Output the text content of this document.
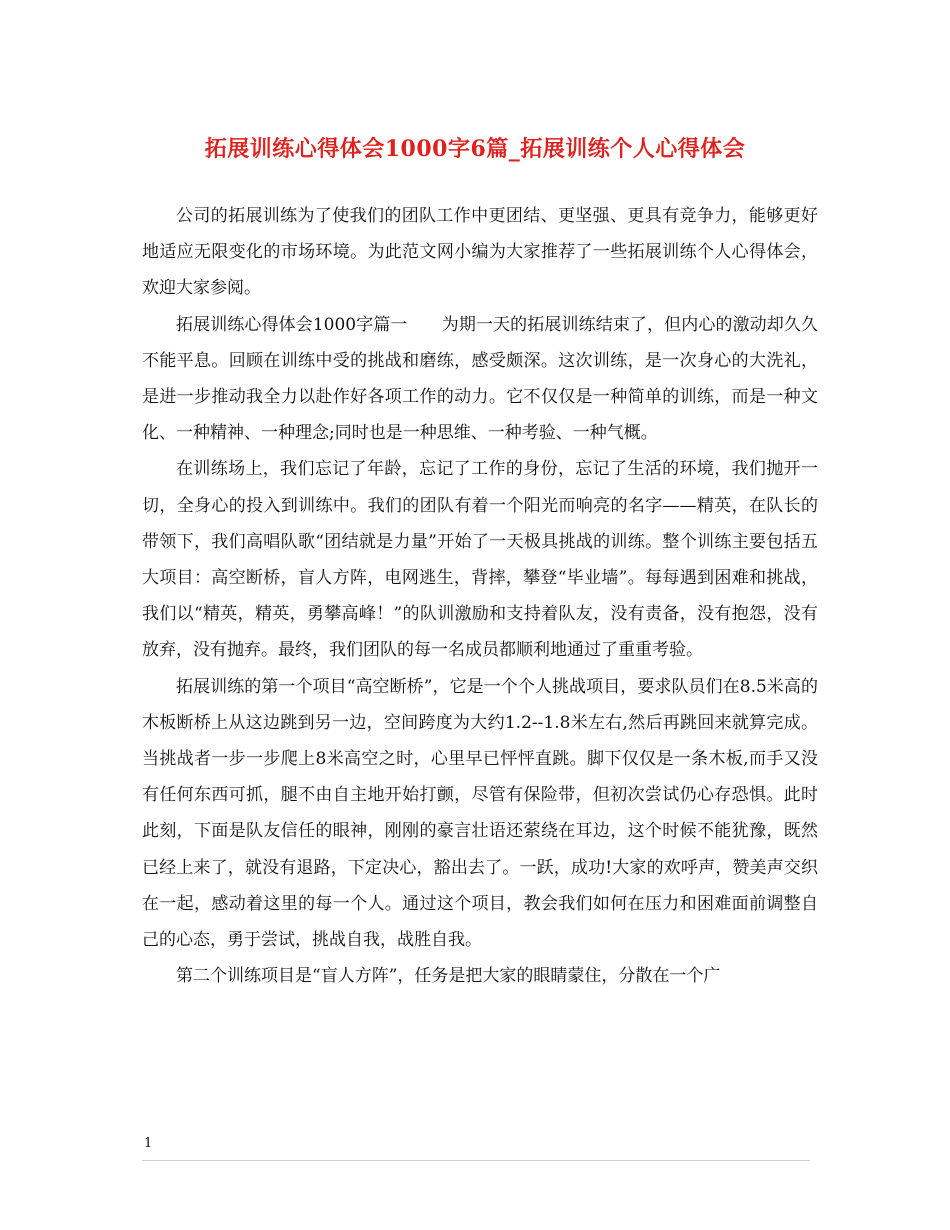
拓展训练心得体会1000字6篇_拓展训练个人心得体会

公司的拓展训练为了使我们的团队工作中更团结、更坚强、更具有竞争力，能够更好地适应无限变化的市场环境。为此范文网小编为大家推荐了一些拓展训练个人心得体会，欢迎大家参阅。

拓展训练心得体会1000字篇一　　为期一天的拓展训练结束了，但内心的激动却久久不能平息。回顾在训练中受的挑战和磨练，感受颇深。这次训练，是一次身心的大洗礼，是进一步推动我全力以赴作好各项工作的动力。它不仅仅是一种简单的训练，而是一种文化、一种精神、一种理念;同时也是一种思维、一种考验、一种气概。

在训练场上，我们忘记了年龄，忘记了工作的身份，忘记了生活的环境，我们抛开一切，全身心的投入到训练中。我们的团队有着一个阳光而响亮的名字——精英，在队长的带领下，我们高唱队歌“团结就是力量”开始了一天极具挑战的训练。整个训练主要包括五大项目：高空断桥，盲人方阵，电网逃生，背摔，攀登“毕业墙”。每每遇到困难和挑战，我们以“精英，精英，勇攀高峰！”的队训激励和支持着队友，没有责备，没有抱怨，没有放弃，没有抛弃。最终，我们团队的每一名成员都顺利地通过了重重考验。

拓展训练的第一个项目“高空断桥”，它是一个个人挑战项目，要求队员们在8.5米高的木板断桥上从这边跳到另一边，空间跨度为大约1.2--1.8米左右,然后再跳回来就算完成。当挑战者一步一步爬上8米高空之时，心里早已怦怦直跳。脚下仅仅是一条木板,而手又没有任何东西可抓，腿不由自主地开始打颤，尽管有保险带，但初次尝试仍心存恐惧。此时此刻，下面是队友信任的眼神，刚刚的豪言壮语还萦绕在耳边，这个时候不能犹豫，既然已经上来了，就没有退路，下定决心，豁出去了。一跃，成功!大家的欢呼声，赞美声交织在一起，感动着这里的每一个人。通过这个项目，教会我们如何在压力和困难面前调整自己的心态，勇于尝试，挑战自我，战胜自我。

第二个训练项目是“盲人方阵”，任务是把大家的眼睛蒙住，分散在一个广

1
